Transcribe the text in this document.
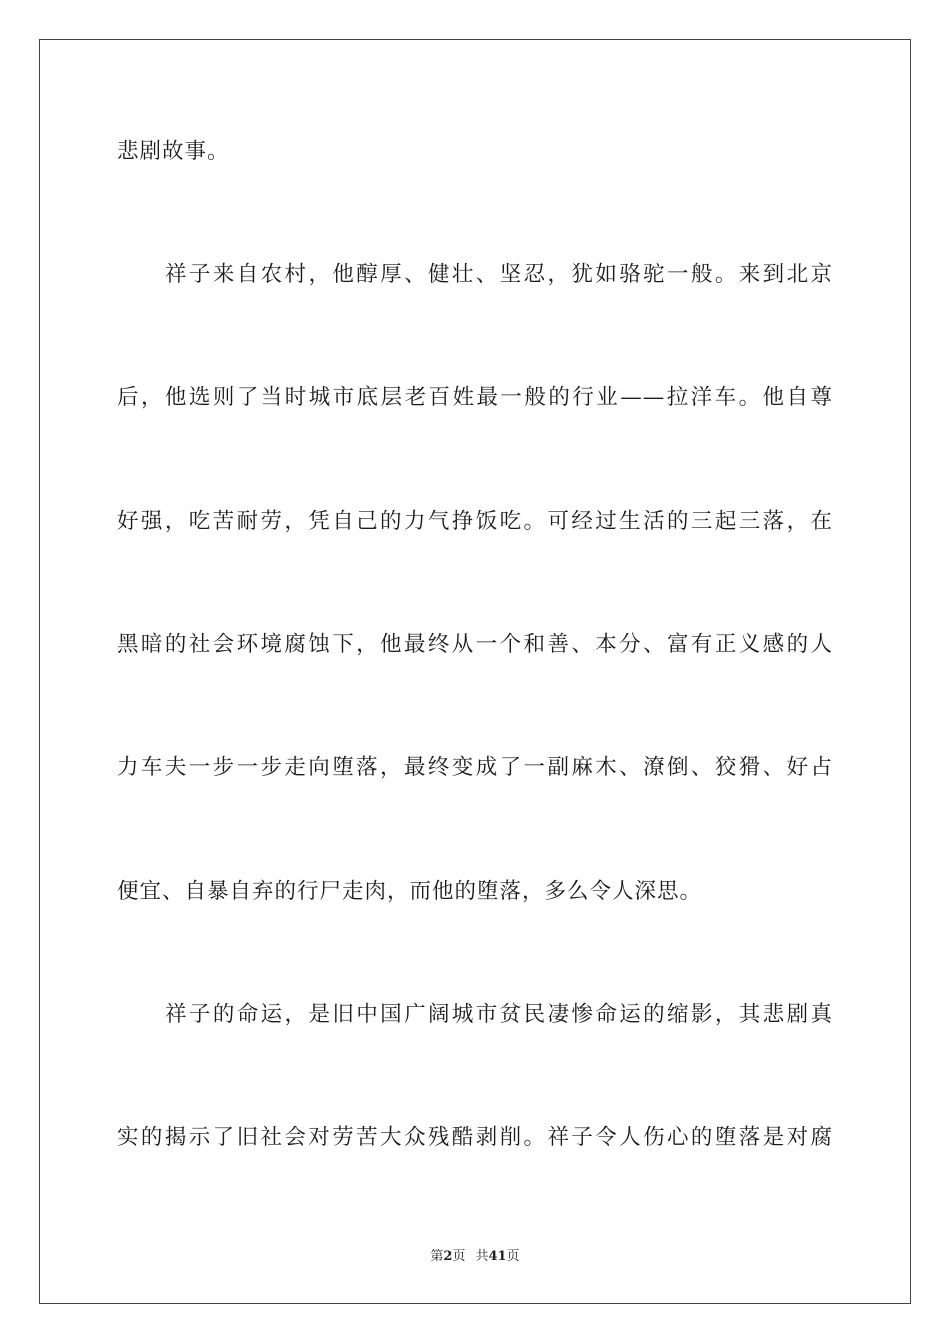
悲剧故事。
祥子来自农村，他醇厚、健壮、坚忍，犹如骆驼一般。来到北京
后，他选则了当时城市底层老百姓最一般的行业——拉洋车。他自尊
好强，吃苦耐劳，凭自己的力气挣饭吃。可经过生活的三起三落，在
黑暗的社会环境腐蚀下，他最终从一个和善、本分、富有正义感的人
力车夫一步一步走向堕落，最终变成了一副麻木、潦倒、狡猾、好占
便宜、自暴自弃的行尸走肉，而他的堕落，多么令人深思。
祥子的命运，是旧中国广阔城市贫民凄惨命运的缩影，其悲剧真
实的揭示了旧社会对劳苦大众残酷剥削。祥子令人伤心的堕落是对腐
第2页 共41页
